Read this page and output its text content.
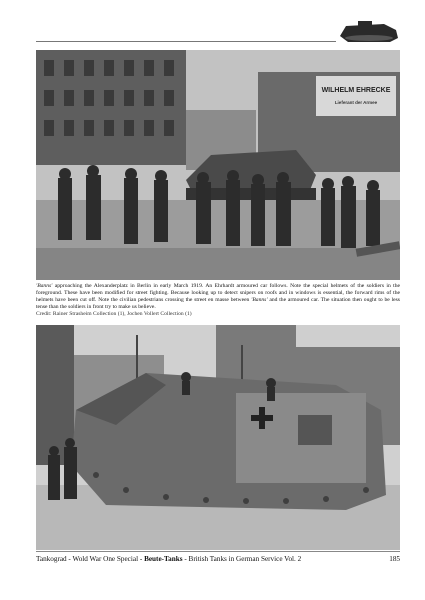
WILHELM EHRECKE
Lieferant der Armee
'Banns' approaching the Alexanderplatz in Berlin in early March 1919. An Ehrhardt armoured car follows. Note the special helmets of the soldiers in the foreground. These have been modified for street fighting. Because looking up to detect snipers on roofs and in windows is essential, the forward rims of the helmets have been cut off. Note the civilian pedestrians crossing the street en masse between 'Banns' and the armoured car. The situation then ought to be less tense than the soldiers in front try to make us believe.
Credit: Rainer Strasheim Collection (1), Jochen Vollert Collection (1)
Tankograd - Wold War One Special - Beute-Tanks - British Tanks in German Service Vol. 2	185
